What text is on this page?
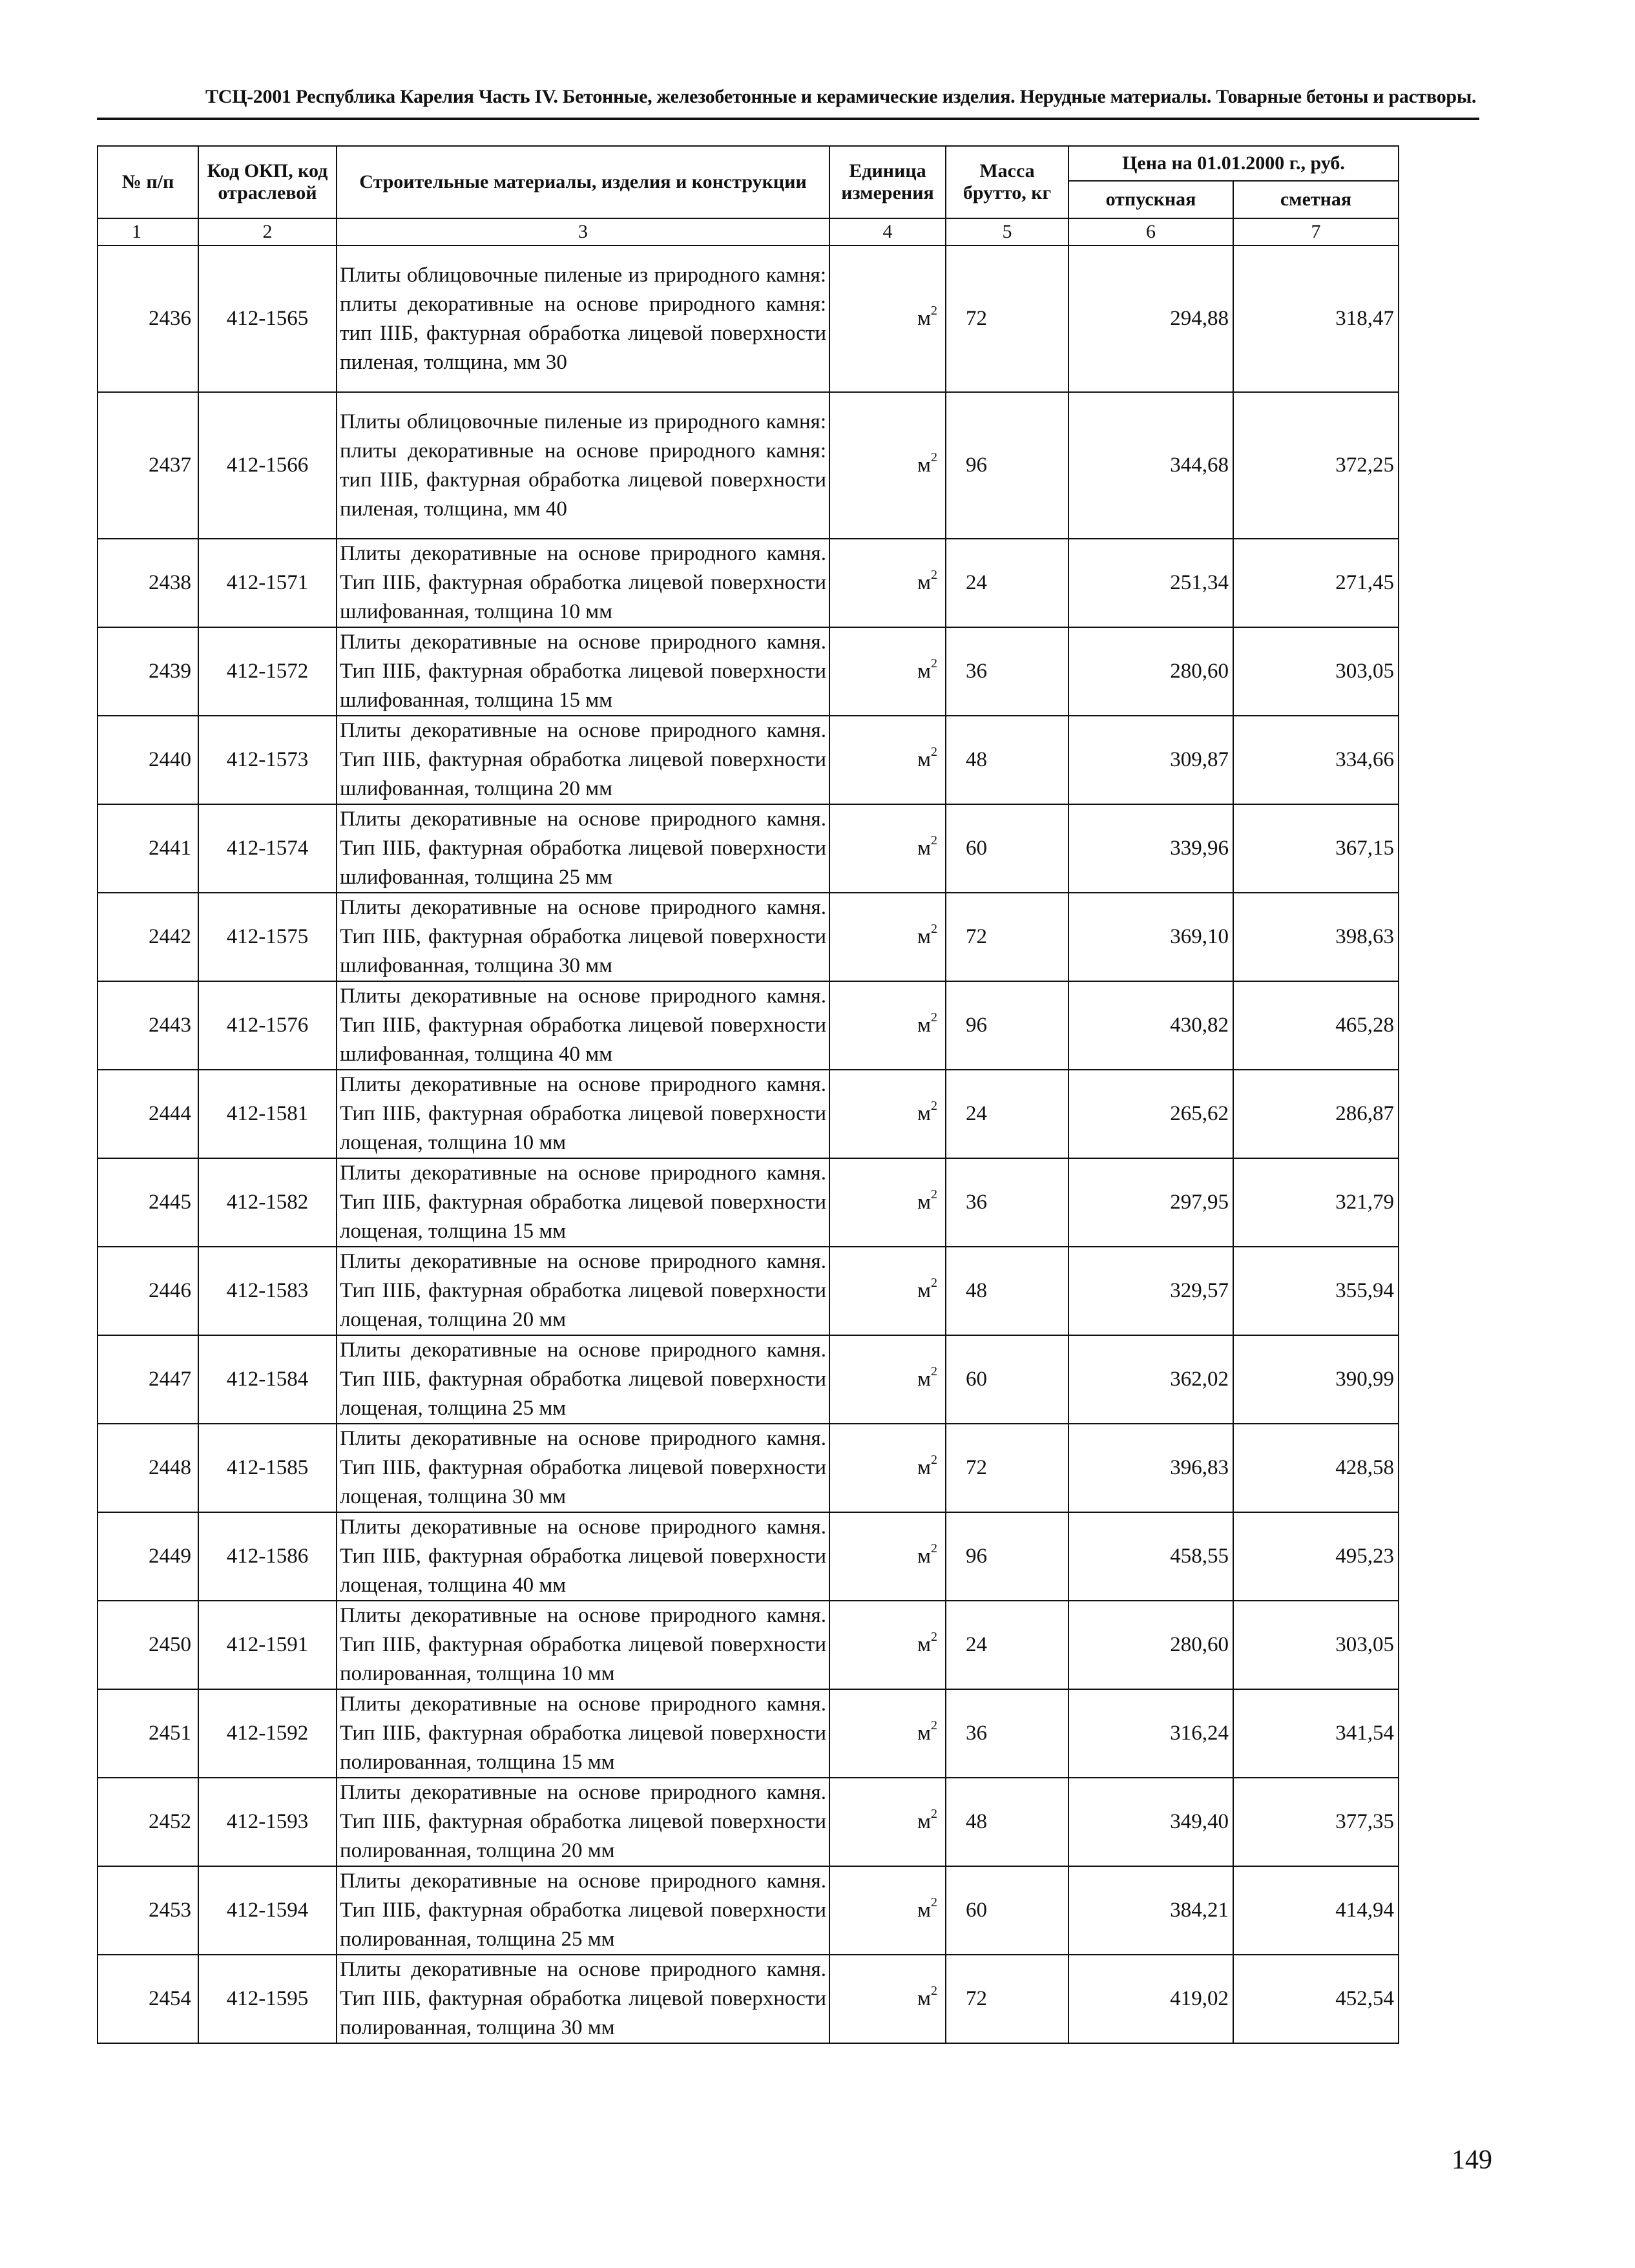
ТСЦ-2001 Республика Карелия Часть IV. Бетонные, железобетонные и керамические изделия. Нерудные материалы. Товарные бетоны и растворы.
№ п/п	Код ОКП, код отраслевой	Строительные материалы, изделия и конструкции	Единица измерения	Масса брутто, кг	Цена на 01.01.2000 г., руб.	
					отпускная	сметная
1	2	3	4	5	6	7
2436	412-1565	Плиты облицовочные пиленые из природного камня: плиты декоративные на основе природного камня: тип IIIБ, фактурная обработка лицевой поверхности пиленая, толщина, мм 30	$м^2$	72	294,88	318,47
2437	412-1566	Плиты облицовочные пиленые из природного камня: плиты декоративные на основе природного камня: тип IIIБ, фактурная обработка лицевой поверхности пиленая, толщина, мм 40	$м^2$	96	344,68	372,25
2438	412-1571	Плиты декоративные на основе природного камня. Тип IIIБ, фактурная обработка лицевой поверхности шлифованная, толщина 10 мм	$м^2$	24	251,34	271,45
2439	412-1572	Плиты декоративные на основе природного камня. Тип IIIБ, фактурная обработка лицевой поверхности шлифованная, толщина 15 мм	$м^2$	36	280,60	303,05
2440	412-1573	Плиты декоративные на основе природного камня. Тип IIIБ, фактурная обработка лицевой поверхности шлифованная, толщина 20 мм	$м^2$	48	309,87	334,66
2441	412-1574	Плиты декоративные на основе природного камня. Тип IIIБ, фактурная обработка лицевой поверхности шлифованная, толщина 25 мм	$м^2$	60	339,96	367,15
2442	412-1575	Плиты декоративные на основе природного камня. Тип IIIБ, фактурная обработка лицевой поверхности шлифованная, толщина 30 мм	$м^2$	72	369,10	398,63
2443	412-1576	Плиты декоративные на основе природного камня. Тип IIIБ, фактурная обработка лицевой поверхности шлифованная, толщина 40 мм	$м^2$	96	430,82	465,28
2444	412-1581	Плиты декоративные на основе природного камня. Тип IIIБ, фактурная обработка лицевой поверхности лощеная, толщина 10 мм	$м^2$	24	265,62	286,87
2445	412-1582	Плиты декоративные на основе природного камня. Тип IIIБ, фактурная обработка лицевой поверхности лощеная, толщина 15 мм	$м^2$	36	297,95	321,79
2446	412-1583	Плиты декоративные на основе природного камня. Тип IIIБ, фактурная обработка лицевой поверхности лощеная, толщина 20 мм	$м^2$	48	329,57	355,94
2447	412-1584	Плиты декоративные на основе природного камня. Тип IIIБ, фактурная обработка лицевой поверхности лощеная, толщина 25 мм	$м^2$	60	362,02	390,99
2448	412-1585	Плиты декоративные на основе природного камня. Тип IIIБ, фактурная обработка лицевой поверхности лощеная, толщина 30 мм	$м^2$	72	396,83	428,58
2449	412-1586	Плиты декоративные на основе природного камня. Тип IIIБ, фактурная обработка лицевой поверхности лощеная, толщина 40 мм	$м^2$	96	458,55	495,23
2450	412-1591	Плиты декоративные на основе природного камня. Тип IIIБ, фактурная обработка лицевой поверхности полированная, толщина 10 мм	$м^2$	24	280,60	303,05
2451	412-1592	Плиты декоративные на основе природного камня. Тип IIIБ, фактурная обработка лицевой поверхности полированная, толщина 15 мм	$м^2$	36	316,24	341,54
2452	412-1593	Плиты декоративные на основе природного камня. Тип IIIБ, фактурная обработка лицевой поверхности полированная, толщина 20 мм	$м^2$	48	349,40	377,35
2453	412-1594	Плиты декоративные на основе природного камня. Тип IIIБ, фактурная обработка лицевой поверхности полированная, толщина 25 мм	$м^2$	60	384,21	414,94
2454	412-1595	Плиты декоративные на основе природного камня. Тип IIIБ, фактурная обработка лицевой поверхности полированная, толщина 30 мм	$м^2$	72	419,02	452,54
149
